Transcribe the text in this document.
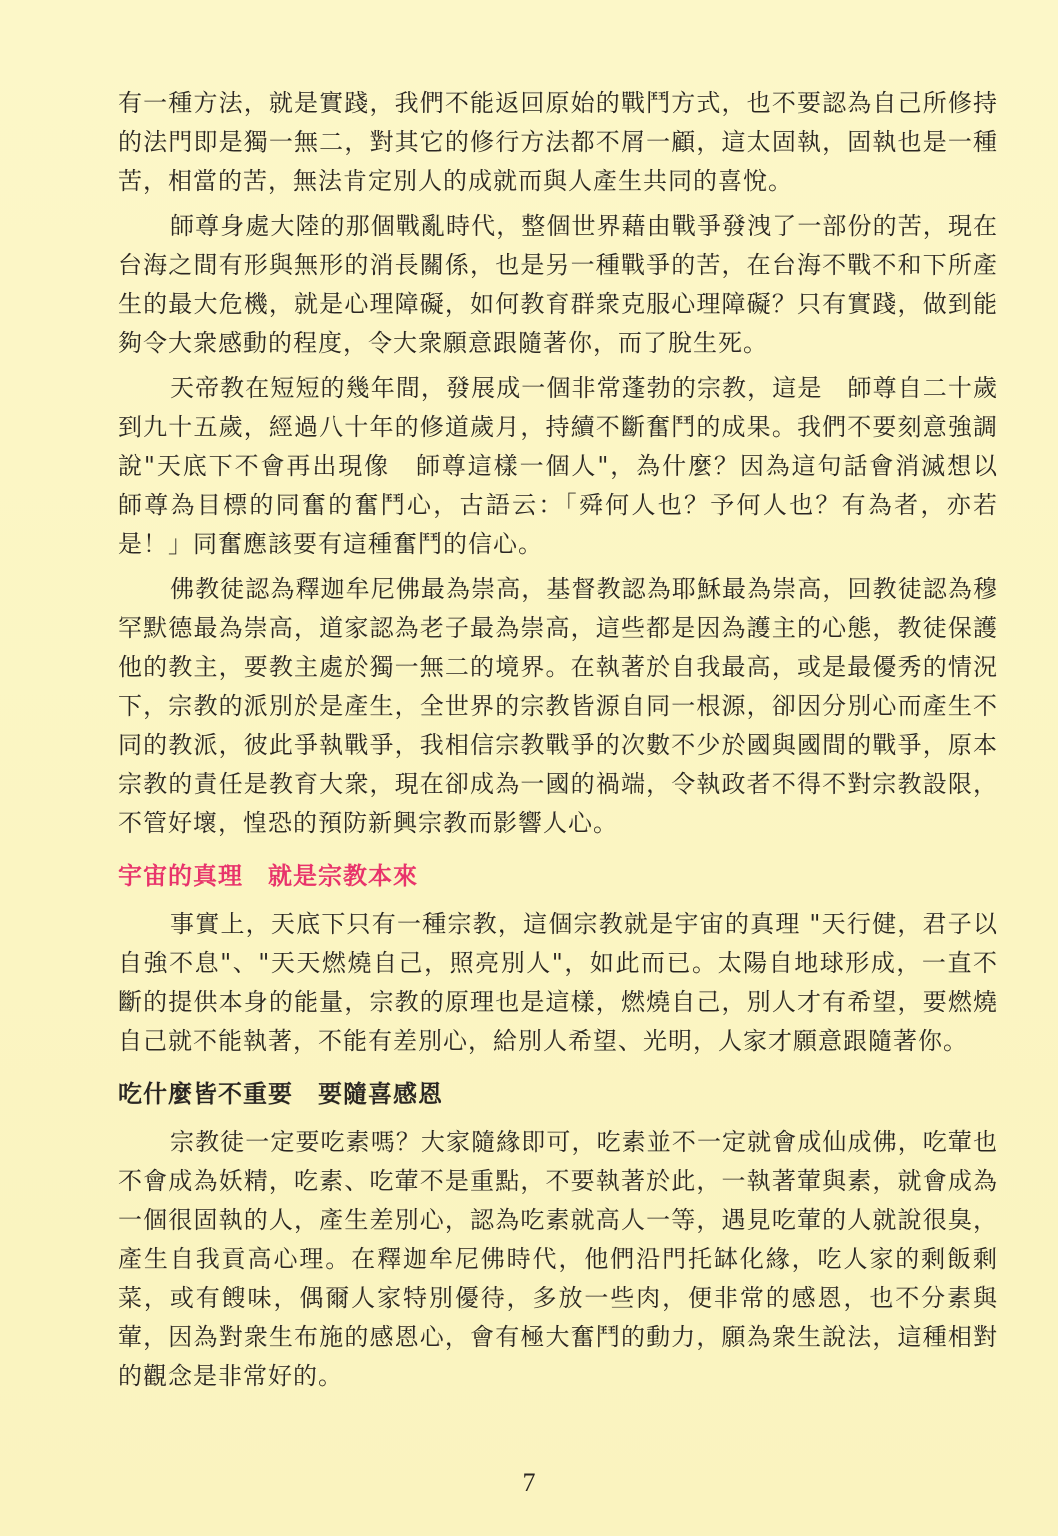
有一種方法，就是實踐，我們不能返回原始的戰鬥方式，也不要認為自己所修持的法門即是獨一無二，對其它的修行方法都不屑一顧，這太固執，固執也是一種苦，相當的苦，無法肯定別人的成就而與人產生共同的喜悅。

師尊身處大陸的那個戰亂時代，整個世界藉由戰爭發洩了一部份的苦，現在台海之間有形與無形的消長關係，也是另一種戰爭的苦，在台海不戰不和下所產生的最大危機，就是心理障礙，如何教育群衆克服心理障礙？只有實踐，做到能夠令大衆感動的程度，令大衆願意跟隨著你，而了脫生死。

天帝教在短短的幾年間，發展成一個非常蓬勃的宗教，這是　師尊自二十歲到九十五歲，經過八十年的修道歲月，持續不斷奮鬥的成果。我們不要刻意強調說"天底下不會再出現像　師尊這樣一個人"，為什麼？因為這句話會消滅想以　師尊為目標的同奮的奮鬥心，古語云：「舜何人也？予何人也？有為者，亦若是！」同奮應該要有這種奮鬥的信心。

佛教徒認為釋迦牟尼佛最為崇高，基督教認為耶穌最為崇高，回教徒認為穆罕默德最為崇高，道家認為老子最為崇高，這些都是因為護主的心態，教徒保護他的教主，要教主處於獨一無二的境界。在執著於自我最高，或是最優秀的情況下，宗教的派別於是產生，全世界的宗教皆源自同一根源，卻因分別心而產生不同的教派，彼此爭執戰爭，我相信宗教戰爭的次數不少於國與國間的戰爭，原本宗教的責任是教育大衆，現在卻成為一國的禍端，令執政者不得不對宗教設限，不管好壞，惶恐的預防新興宗教而影響人心。

宇宙的真理　就是宗教本來

事實上，天底下只有一種宗教，這個宗教就是宇宙的真理 "天行健，君子以自強不息"、"天天燃燒自己，照亮別人"，如此而已。太陽自地球形成，一直不斷的提供本身的能量，宗教的原理也是這樣，燃燒自己，別人才有希望，要燃燒自己就不能執著，不能有差別心，給別人希望、光明，人家才願意跟隨著你。

吃什麼皆不重要　要隨喜感恩

宗教徒一定要吃素嗎？大家隨緣即可，吃素並不一定就會成仙成佛，吃葷也不會成為妖精，吃素、吃葷不是重點，不要執著於此，一執著葷與素，就會成為一個很固執的人，產生差別心，認為吃素就高人一等，遇見吃葷的人就說很臭，產生自我貢高心理。在釋迦牟尼佛時代，他們沿門托缽化緣，吃人家的剩飯剩菜，或有餿味，偶爾人家特別優待，多放一些肉，便非常的感恩，也不分素與葷，因為對衆生布施的感恩心，會有極大奮鬥的動力，願為衆生說法，這種相對的觀念是非常好的。

7
